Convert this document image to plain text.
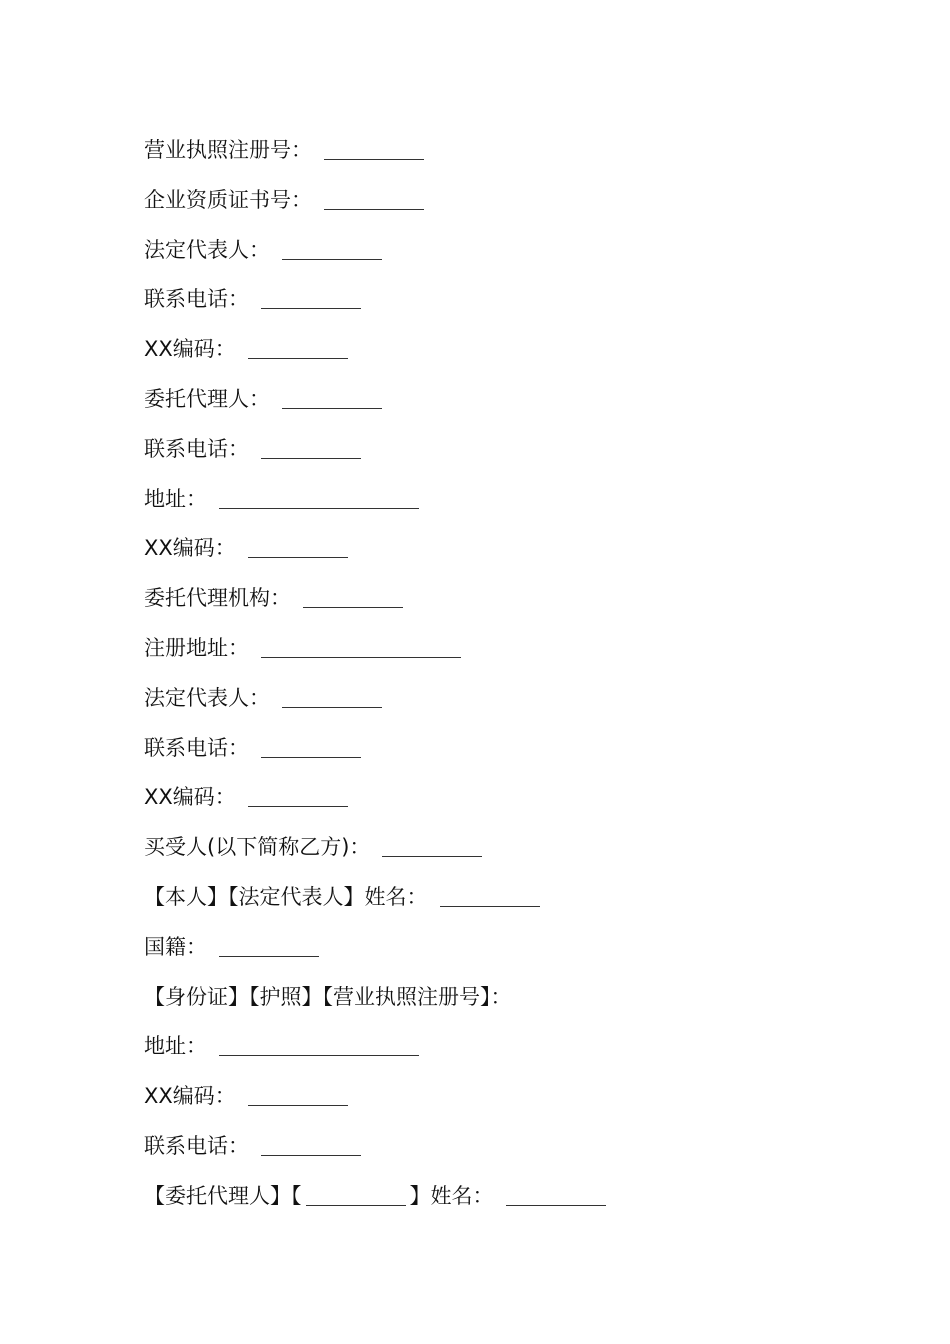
营业执照注册号：
企业资质证书号：
法定代表人：
联系电话：
XX编码：
委托代理人：
联系电话：
地址：
XX编码：
委托代理机构：
注册地址：
法定代表人：
联系电话：
XX编码：
买受人(以下简称乙方)：
【本人】【法定代表人】姓名：
国籍：
【身份证】【护照】【营业执照注册号】：
地址：
XX编码：
联系电话：
【委托代理人】【	】姓名：
